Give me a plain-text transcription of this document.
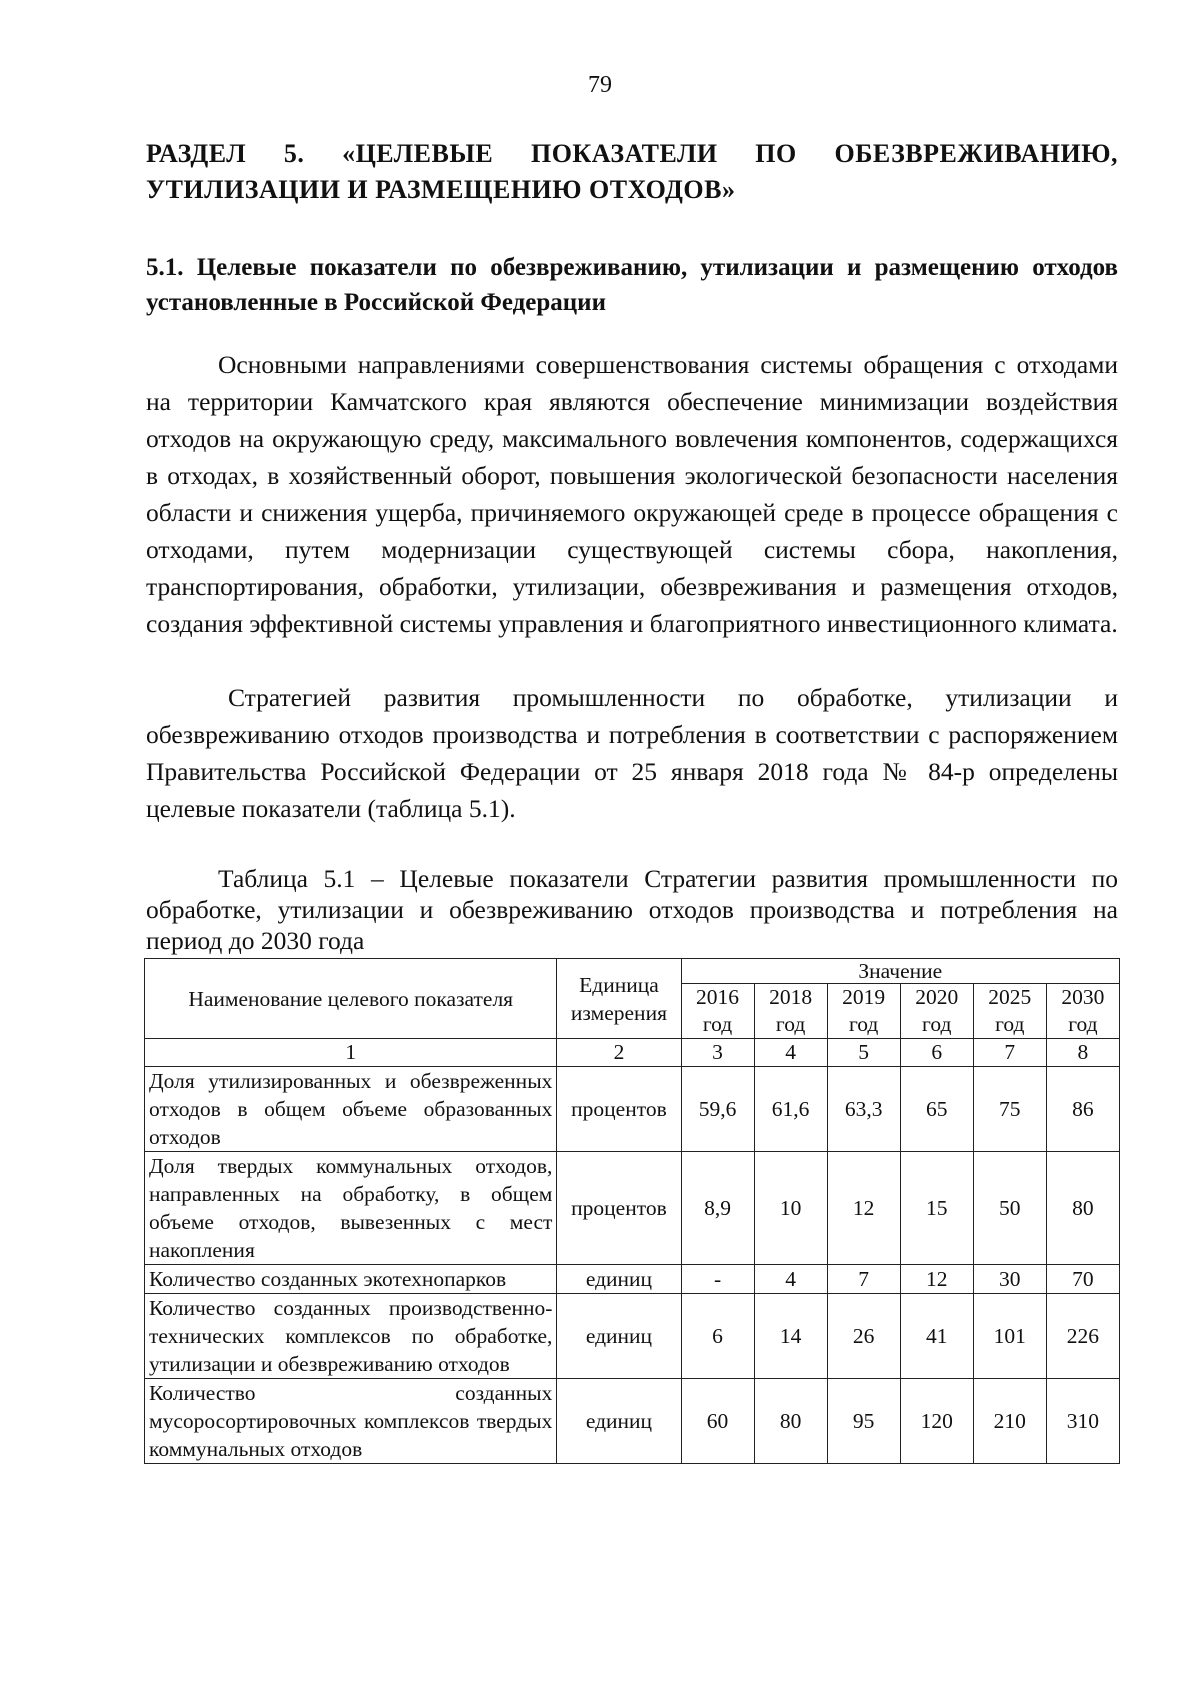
79
РАЗДЕЛ 5. «ЦЕЛЕВЫЕ ПОКАЗАТЕЛИ ПО ОБЕЗВРЕЖИВАНИЮ, УТИЛИЗАЦИИ И РАЗМЕЩЕНИЮ ОТХОДОВ»
5.1. Целевые показатели по обезвреживанию, утилизации и размещению отходов установленные в Российской Федерации

Основными направлениями совершенствования системы обращения с отходами на территории Камчатского края являются обеспечение минимизации воздействия отходов на окружающую среду, максимального вовлечения компонентов, содержащихся в отходах, в хозяйственный оборот, повышения экологической безопасности населения области и снижения ущерба, причиняемого окружающей среде в процессе обращения с отходами, путем модернизации существующей системы сбора, накопления, транспортирования, обработки, утилизации, обезвреживания и размещения отходов, создания эффективной системы управления и благоприятного инвестиционного климата.

Стратегией развития промышленности по обработке, утилизации и обезвреживанию отходов производства и потребления в соответствии с распоряжением Правительства Российской Федерации от 25 января 2018 года № 84-р определены целевые показатели (таблица 5.1).

Таблица 5.1 – Целевые показатели Стратегии развития промышленности по обработке, утилизации и обезвреживанию отходов производства и потребления на период до 2030 года

Наименование целевого показателя	Единица измерения	Значение					
		2016 год	2018 год	2019 год	2020 год	2025 год	2030 год
1	2	3	4	5	6	7	8
Доля утилизированных и обезвреженных отходов в общем объеме образованных отходов	процентов	59,6	61,6	63,3	65	75	86
Доля твердых коммунальных отходов, направленных на обработку, в общем объеме отходов, вывезенных с мест накопления	процентов	8,9	10	12	15	50	80
Количество созданных экотехнопарков	единиц	-	4	7	12	30	70
Количество созданных производственно-технических комплексов по обработке, утилизации и обезвреживанию отходов	единиц	6	14	26	41	101	226
Количество созданных мусоросортировочных комплексов твердых коммунальных отходов	единиц	60	80	95	120	210	310
